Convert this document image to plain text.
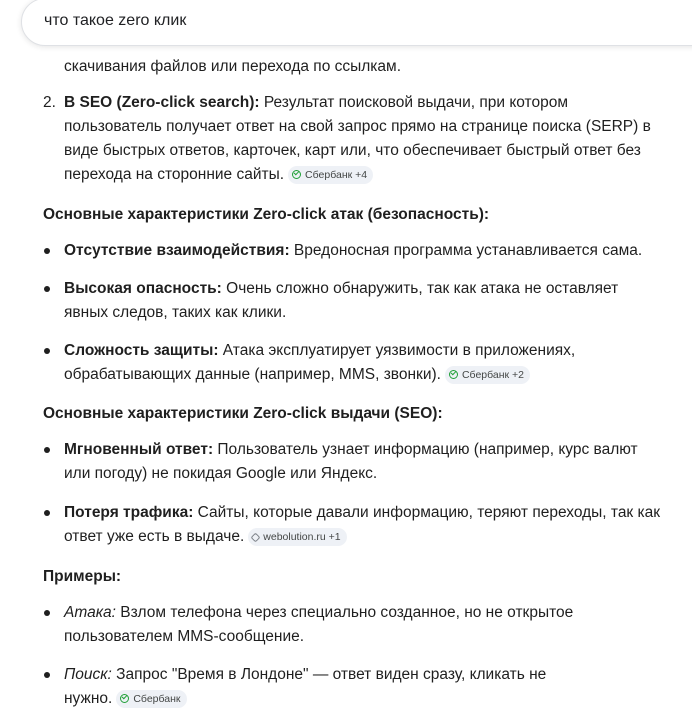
что такое zero клик
скачивания файлов или перехода по ссылкам.
2. В SEO (Zero-click search): Результат поисковой выдачи, при котором
пользователь получает ответ на свой запрос прямо на странице поиска (SERP) в
виде быстрых ответов, карточек, карт или, что обеспечивает быстрый ответ без
перехода на сторонние сайты. Сбербанк +4
Основные характеристики Zero-click атак (безопасность):
Отсутствие взаимодействия: Вредоносная программа устанавливается сама.
Высокая опасность: Очень сложно обнаружить, так как атака не оставляет
явных следов, таких как клики.
Сложность защиты: Атака эксплуатирует уязвимости в приложениях,
обрабатывающих данные (например, MMS, звонки). Сбербанк +2
Основные характеристики Zero-click выдачи (SEO):
Мгновенный ответ: Пользователь узнает информацию (например, курс валют
или погоду) не покидая Google или Яндекс.
Потеря трафика: Сайты, которые давали информацию, теряют переходы, так как
ответ уже есть в выдаче. webolution.ru +1
Примеры:
Атака: Взлом телефона через специально созданное, но не открытое
пользователем MMS-сообщение.
Поиск: Запрос "Время в Лондоне" — ответ виден сразу, кликать не
нужно. Сбербанк
